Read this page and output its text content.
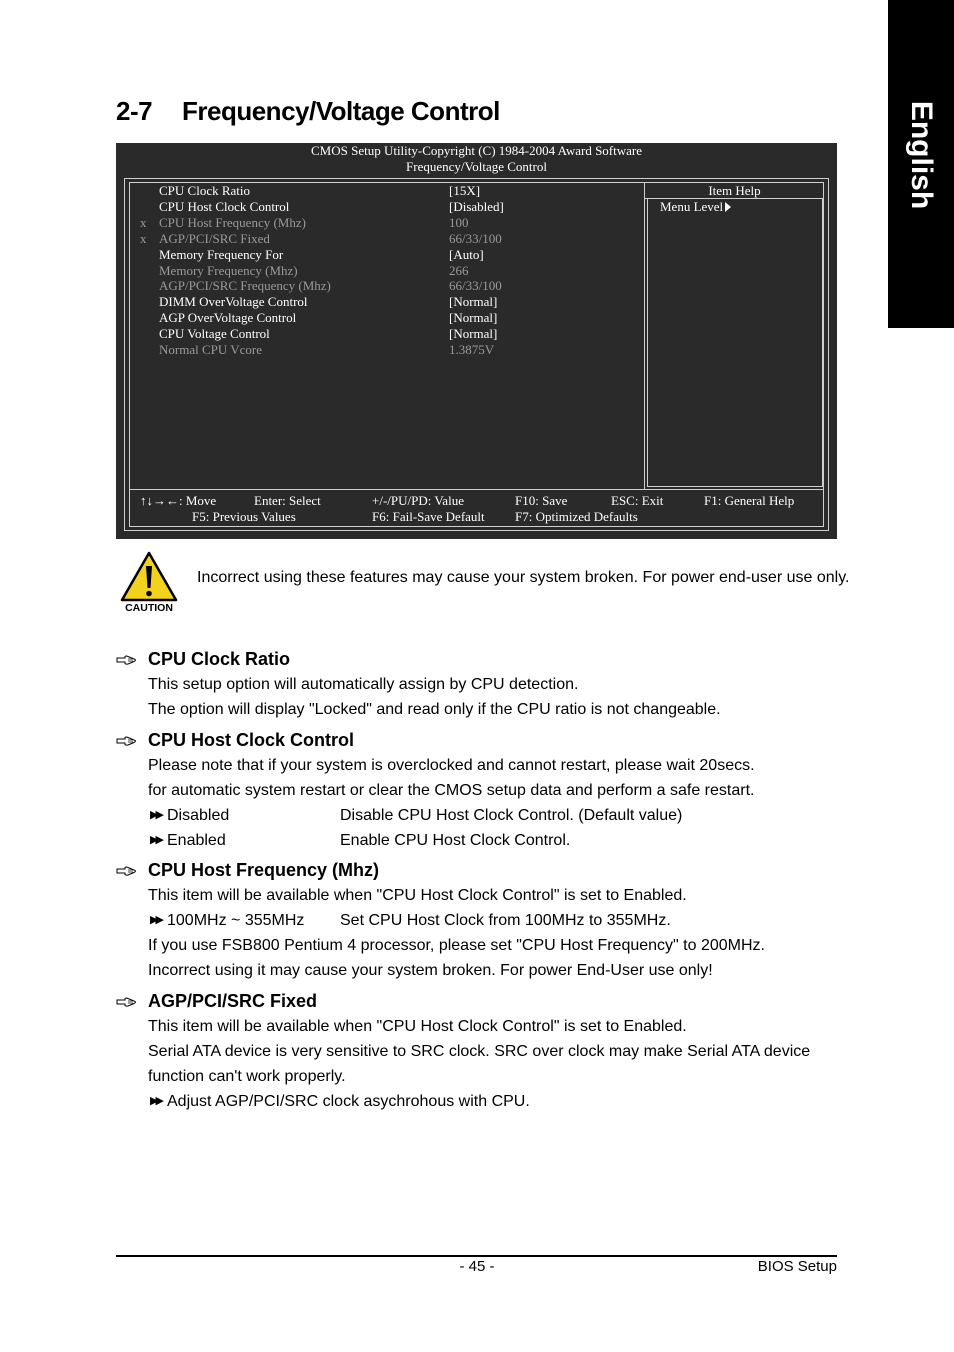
English
2-7 Frequency/Voltage Control
CMOS Setup Utility-Copyright (C) 1984-2004 Award Software
Frequency/Voltage Control
CPU Clock Ratio	[15X]
CPU Host Clock Control	[Disabled]
x CPU Host Frequency (Mhz)	100
x AGP/PCI/SRC Fixed	66/33/100
Memory Frequency For	[Auto]
Memory Frequency (Mhz)	266
AGP/PCI/SRC Frequency (Mhz)	66/33/100
DIMM OverVoltage Control	[Normal]
AGP OverVoltage Control	[Normal]
CPU Voltage Control	[Normal]
Normal CPU Vcore	1.3875V
Item Help
Menu Level
↑↓→←: Move	Enter: Select	+/-/PU/PD: Value	F10: Save	ESC: Exit	F1: General Help
F5: Previous Values	F6: Fail-Save Default F7: Optimized Defaults
CAUTION
Incorrect using these features may cause your system broken. For power end-user use only.
CPU Clock Ratio
This setup option will automatically assign by CPU detection.
The option will display "Locked" and read only if the CPU ratio is not changeable.
CPU Host Clock Control
Please note that if your system is overclocked and cannot restart, please wait 20secs.
for automatic system restart or clear the CMOS setup data and perform a safe restart.
▶▶ Disabled	Disable CPU Host Clock Control. (Default value)
▶▶ Enabled	Enable CPU Host Clock Control.
CPU Host Frequency (Mhz)
This item will be available when "CPU Host Clock Control" is set to Enabled.
▶▶ 100MHz ~ 355MHz Set CPU Host Clock from 100MHz to 355MHz.
If you use FSB800 Pentium 4 processor, please set "CPU Host Frequency" to 200MHz.
Incorrect using it may cause your system broken. For power End-User use only!
AGP/PCI/SRC Fixed
This item will be available when "CPU Host Clock Control" is set to Enabled.
Serial ATA device is very sensitive to SRC clock. SRC over clock may make Serial ATA device
function can't work properly.
▶▶ Adjust AGP/PCI/SRC clock asychrohous with CPU.
- 45 -	BIOS Setup
